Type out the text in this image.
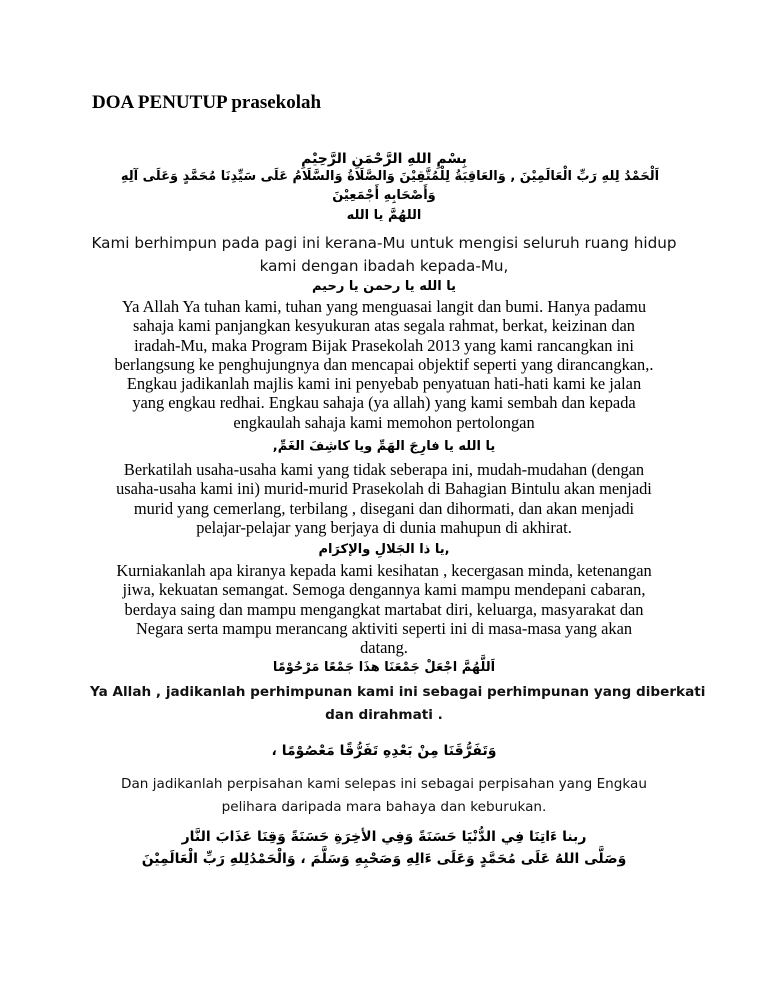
DOA PENUTUP prasekolah
بِسْمِ اللهِ الرَّحْمَنِ الرَّحِيْمِ
اَلْحَمْدُ لِلهِ رَبِّ الْعَالَمِيْنَ , وَالعَاقِبَةُ لِلْمُتَّقِيْنَ وَالصَّلَاةُ وَالسَّلَامُ عَلَى سَيِّدِنَا مُحَمَّدٍ وَعَلَى آلِهِ
وَأَصْحَابِهِ أَجْمَعِيْنَ
اللهُمَّ يا الله
Kami berhimpun pada pagi ini kerana-Mu untuk mengisi seluruh ruang hidup
kami dengan ibadah kepada-Mu,
يا الله يا رحمن يا رحيم
Ya Allah Ya tuhan kami, tuhan yang menguasai langit dan bumi. Hanya padamu
sahaja kami panjangkan kesyukuran atas segala rahmat, berkat, keizinan dan
iradah-Mu, maka Program Bijak Prasekolah 2013 yang kami rancangkan ini
berlangsung ke penghujungnya dan mencapai objektif seperti yang dirancangkan,.
Engkau jadikanlah majlis kami ini penyebab penyatuan hati-hati kami ke jalan
yang engkau redhai. Engkau sahaja (ya allah) yang kami sembah dan kepada
engkaulah sahaja kami memohon pertolongan
يا الله يا فارِجَ الهَمِّ ويا كاشِفَ الغَمِّ,
Berkatilah usaha-usaha kami yang tidak seberapa ini, mudah-mudahan (dengan
usaha-usaha kami ini) murid-murid Prasekolah di Bahagian Bintulu akan menjadi
murid yang cemerlang, terbilang , disegani dan dihormati, dan akan menjadi
pelajar-pelajar yang berjaya di dunia mahupun di akhirat.
,يا ذا الجَلالِ والإكرَام
Kurniakanlah apa kiranya kepada kami kesihatan , kecergasan minda, ketenangan
jiwa, kekuatan semangat. Semoga dengannya kami mampu mendepani cabaran,
berdaya saing dan mampu mengangkat martabat diri, keluarga, masyarakat dan
Negara serta mampu merancang aktiviti seperti ini di masa-masa yang akan
datang.
اَللَّهُمَّ اجْعَلْ جَمْعَنَا هذَا جَمْعًا مَرْحُوْمًا
Ya Allah , jadikanlah perhimpunan kami ini sebagai perhimpunan yang diberkati
dan dirahmati .
وَتَفَرُّقَنَا مِنْ بَعْدِهِ تَفَرُّقًا مَعْصُوْمًا ،
Dan jadikanlah perpisahan kami selepas ini sebagai perpisahan yang Engkau
pelihara daripada mara bahaya dan keburukan.
ربنا ءَاتِنَا فِي الدُّنْيَا حَسَنَةً وَفِي الأخِرَةِ حَسَنَةً وَقِنَا عَذَابَ النَّار
وَصَلَّى اللهُ عَلَى مُحَمَّدٍ وَعَلَى ءَالِهِ وَصَحْبِهِ وَسَلَّمَ ، وَالْحَمْدُلِلهِ رَبِّ الْعَالَمِيْنَ
